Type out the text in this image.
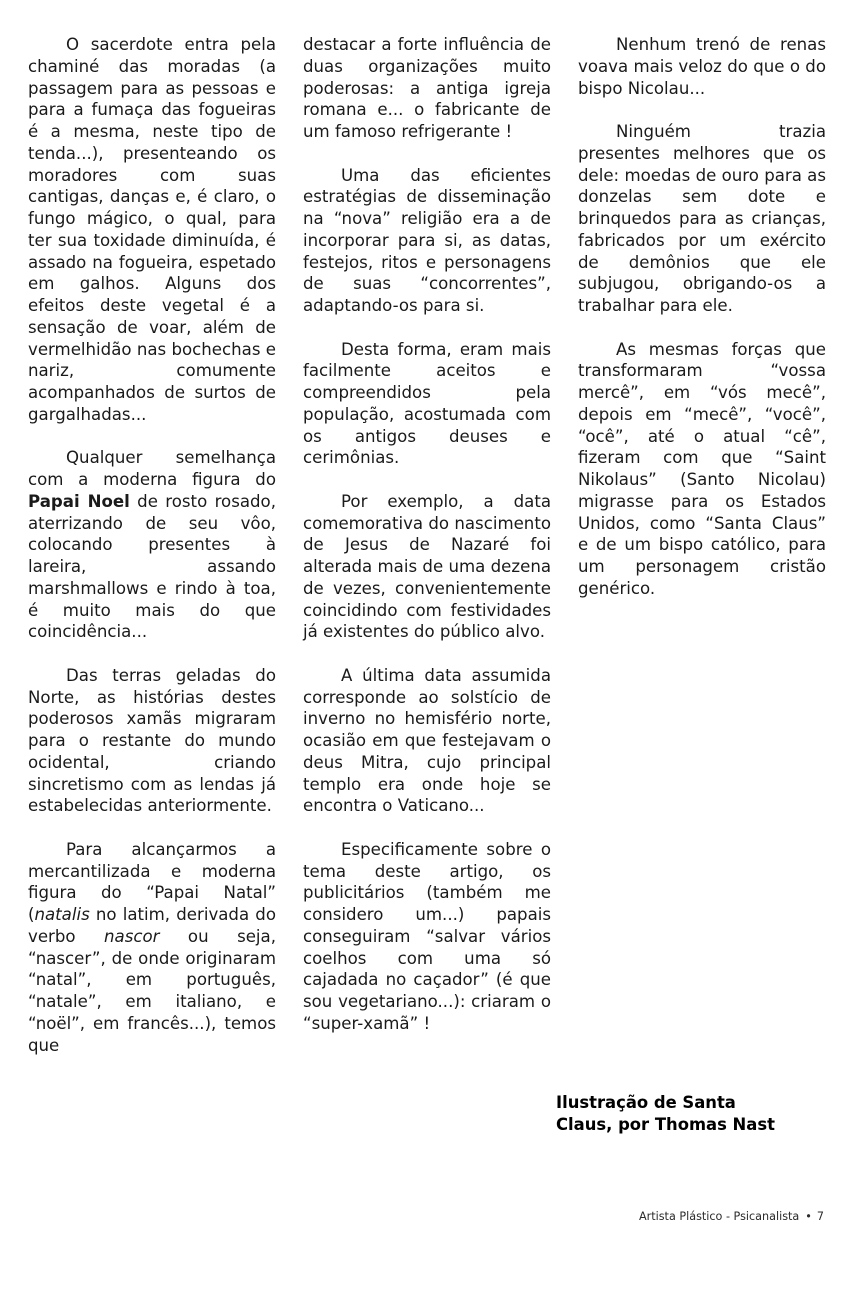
O sacerdote entra pela chaminé das moradas (a passagem para as pessoas e para a fumaça das fogueiras é a mesma, neste tipo de tenda...), presenteando os moradores com suas cantigas, danças e, é claro, o fungo mágico, o qual, para ter sua toxidade diminuída, é assado na fogueira, espetado em galhos. Alguns dos efeitos deste vegetal é a sensação de voar, além de vermelhidão nas bochechas e nariz, comumente acompanhados de surtos de gargalhadas...

Qualquer semelhança com a moderna figura do Papai Noel de rosto rosado, aterrizando de seu vôo, colocando presentes à lareira, assando marshmallows e rindo à toa, é muito mais do que coincidência...

Das terras geladas do Norte, as histórias destes poderosos xamãs migraram para o restante do mundo ocidental, criando sincretismo com as lendas já estabelecidas anteriormente.

Para alcançarmos a mercantilizada e moderna figura do “Papai Natal” (natalis no latim, derivada do verbo nascor ou seja, “nascer”, de onde originaram “natal”, em português, “natale”, em italiano, e “noël”, em francês...), temos que

destacar a forte influência de duas organizações muito poderosas: a antiga igreja romana e... o fabricante de um famoso refrigerante !

Uma das eficientes estratégias de disseminação na “nova” religião era a de incorporar para si, as datas, festejos, ritos e personagens de suas “concorrentes”, adaptando-os para si.

Desta forma, eram mais facilmente aceitos e compreendidos pela população, acostumada com os antigos deuses e cerimônias.

Por exemplo, a data comemorativa do nascimento de Jesus de Nazaré foi alterada mais de uma dezena de vezes, convenientemente coincidindo com festividades já existentes do público alvo.

A última data assumida corresponde ao solstício de inverno no hemisfério norte, ocasião em que festejavam o deus Mitra, cujo principal templo era onde hoje se encontra o Vaticano...

Especificamente sobre o tema deste artigo, os publicitários (também me considero um...) papais conseguiram “salvar vários coelhos com uma só cajadada no caçador” (é que sou vegetariano...): criaram o “super-xamã” !

Nenhum trenó de renas voava mais veloz do que o do bispo Nicolau...

Ninguém trazia presentes melhores que os dele: moedas de ouro para as donzelas sem dote e brinquedos para as crianças, fabricados por um exército de demônios que ele subjugou, obrigando-os a trabalhar para ele.

As mesmas forças que transformaram “vossa mercê”, em “vós mecê”, depois em “mecê”, “você”, “ocê”, até o atual “cê”, fizeram com que “Saint Nikolaus” (Santo Nicolau) migrasse para os Estados Unidos, como “Santa Claus” e de um bispo católico, para um personagem cristão genérico.

Ilustração de Santa
Claus, por Thomas Nast
Artista Plástico - Psicanalista • 7
